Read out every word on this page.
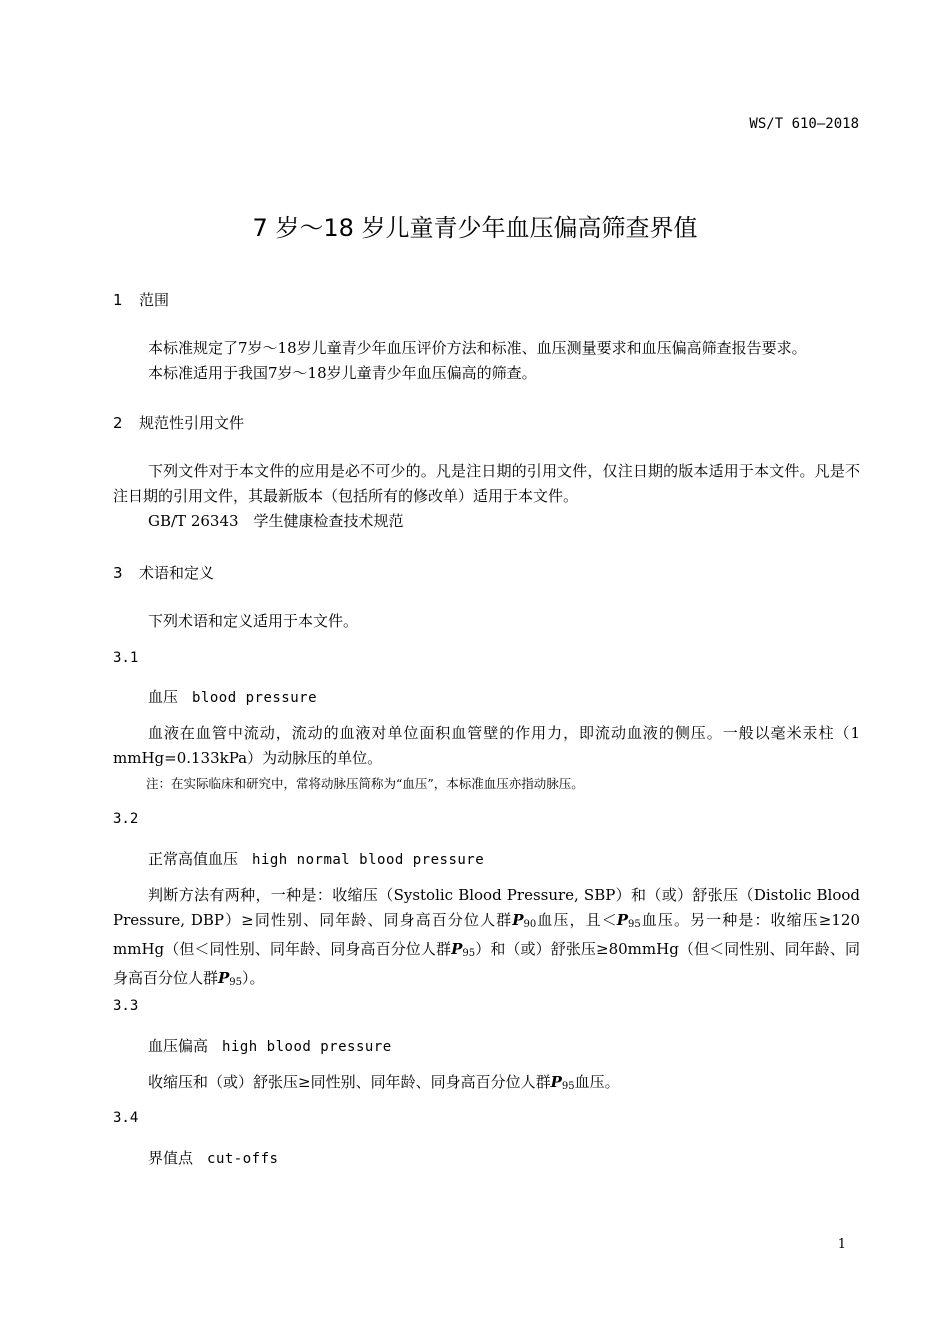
WS/T 610—2018
7 岁～18 岁儿童青少年血压偏高筛查界值
1 范围
本标准规定了7岁～18岁儿童青少年血压评价方法和标准、血压测量要求和血压偏高筛查报告要求。
本标准适用于我国7岁～18岁儿童青少年血压偏高的筛查。
2 规范性引用文件
下列文件对于本文件的应用是必不可少的。凡是注日期的引用文件，仅注日期的版本适用于本文件。凡是不注日期的引用文件，其最新版本（包括所有的修改单）适用于本文件。
GB/T 26343　学生健康检查技术规范
3 术语和定义
下列术语和定义适用于本文件。
3.1
血压 blood pressure
血液在血管中流动，流动的血液对单位面积血管壁的作用力，即流动血液的侧压。一般以毫米汞柱（1 mmHg=0.133kPa）为动脉压的单位。
注：在实际临床和研究中，常将动脉压简称为“血压”，本标准血压亦指动脉压。
3.2
正常高值血压 high normal blood pressure
判断方法有两种，一种是：收缩压（Systolic Blood Pressure, SBP）和（或）舒张压（Distolic Blood Pressure, DBP）≥同性别、同年龄、同身高百分位人群$P_{90}$血压，且$<P_{95}$血压。另一种是：收缩压≥120 mmHg（但＜同性别、同年龄、同身高百分位人群$P_{95}$）和（或）舒张压≥80mmHg（但＜同性别、同年龄、同身高百分位人群$P_{95}$）。
3.3
血压偏高 high blood pressure
收缩压和（或）舒张压≥同性别、同年龄、同身高百分位人群$P_{95}$血压。
3.4
界值点 cut-offs
1
